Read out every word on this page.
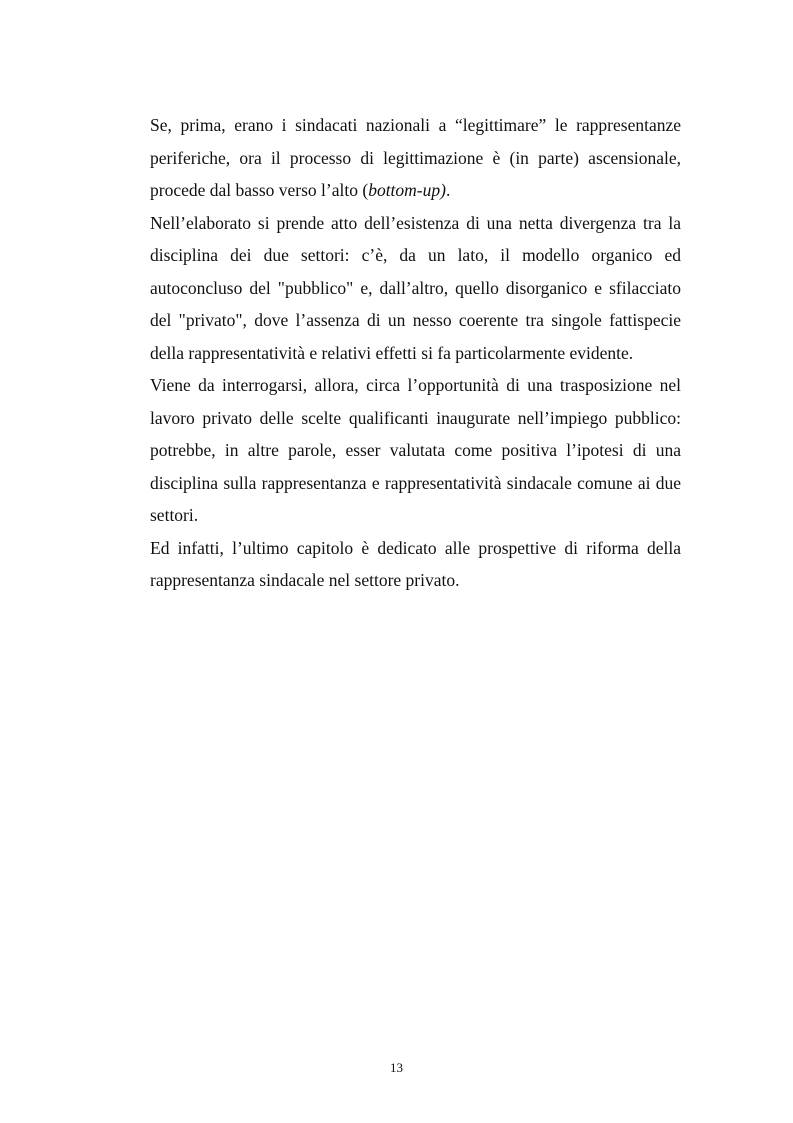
Se, prima, erano i sindacati nazionali a “legittimare” le rappresentanze periferiche, ora il processo di legittimazione è (in parte) ascensionale, procede dal basso verso l’alto (bottom-up).

Nell’elaborato si prende atto dell’esistenza di una netta divergenza tra la disciplina dei due settori: c’è, da un lato, il modello organico ed autoconcluso del "pubblico" e, dall’altro, quello disorganico e sfilacciato del "privato", dove l’assenza di un nesso coerente tra singole fattispecie della rappresentatività e relativi effetti si fa particolarmente evidente.

Viene da interrogarsi, allora, circa l’opportunità di una trasposizione nel lavoro privato delle scelte qualificanti inaugurate nell’impiego pubblico: potrebbe, in altre parole, esser valutata come positiva l’ipotesi di una disciplina sulla rappresentanza e rappresentatività sindacale comune ai due settori.

Ed infatti, l’ultimo capitolo è dedicato alle prospettive di riforma della rappresentanza sindacale nel settore privato.

13
